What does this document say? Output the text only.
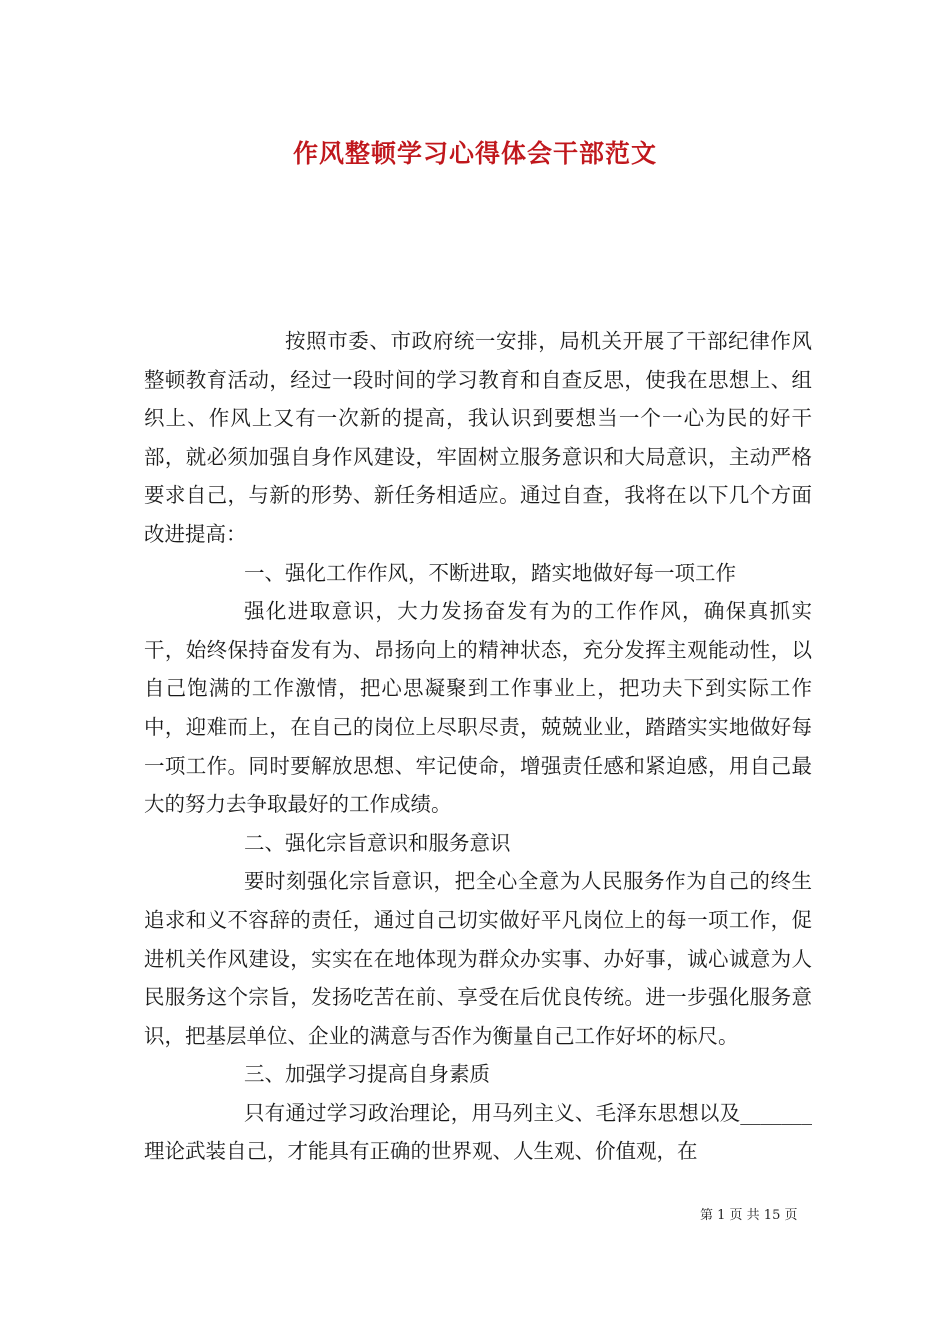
作风整顿学习心得体会干部范文

按照市委、市政府统一安排，局机关开展了干部纪律作风整顿教育活动，经过一段时间的学习教育和自查反思，使我在思想上、组织上、作风上又有一次新的提高，我认识到要想当一个一心为民的好干部，就必须加强自身作风建设，牢固树立服务意识和大局意识，主动严格要求自己，与新的形势、新任务相适应。通过自查，我将在以下几个方面改进提高：

一、强化工作作风，不断进取，踏实地做好每一项工作

强化进取意识，大力发扬奋发有为的工作作风，确保真抓实干，始终保持奋发有为、昂扬向上的精神状态，充分发挥主观能动性，以自己饱满的工作激情，把心思凝聚到工作事业上，把功夫下到实际工作中，迎难而上，在自己的岗位上尽职尽责，兢兢业业，踏踏实实地做好每一项工作。同时要解放思想、牢记使命，增强责任感和紧迫感，用自己最大的努力去争取最好的工作成绩。

二、强化宗旨意识和服务意识

要时刻强化宗旨意识，把全心全意为人民服务作为自己的终生追求和义不容辞的责任，通过自己切实做好平凡岗位上的每一项工作，促进机关作风建设，实实在在地体现为群众办实事、办好事，诚心诚意为人民服务这个宗旨，发扬吃苦在前、享受在后优良传统。进一步强化服务意识，把基层单位、企业的满意与否作为衡量自己工作好坏的标尺。

三、加强学习提高自身素质

只有通过学习政治理论，用马列主义、毛泽东思想以及_______理论武装自己，才能具有正确的世界观、人生观、价值观，在

第 1 页 共 15 页
